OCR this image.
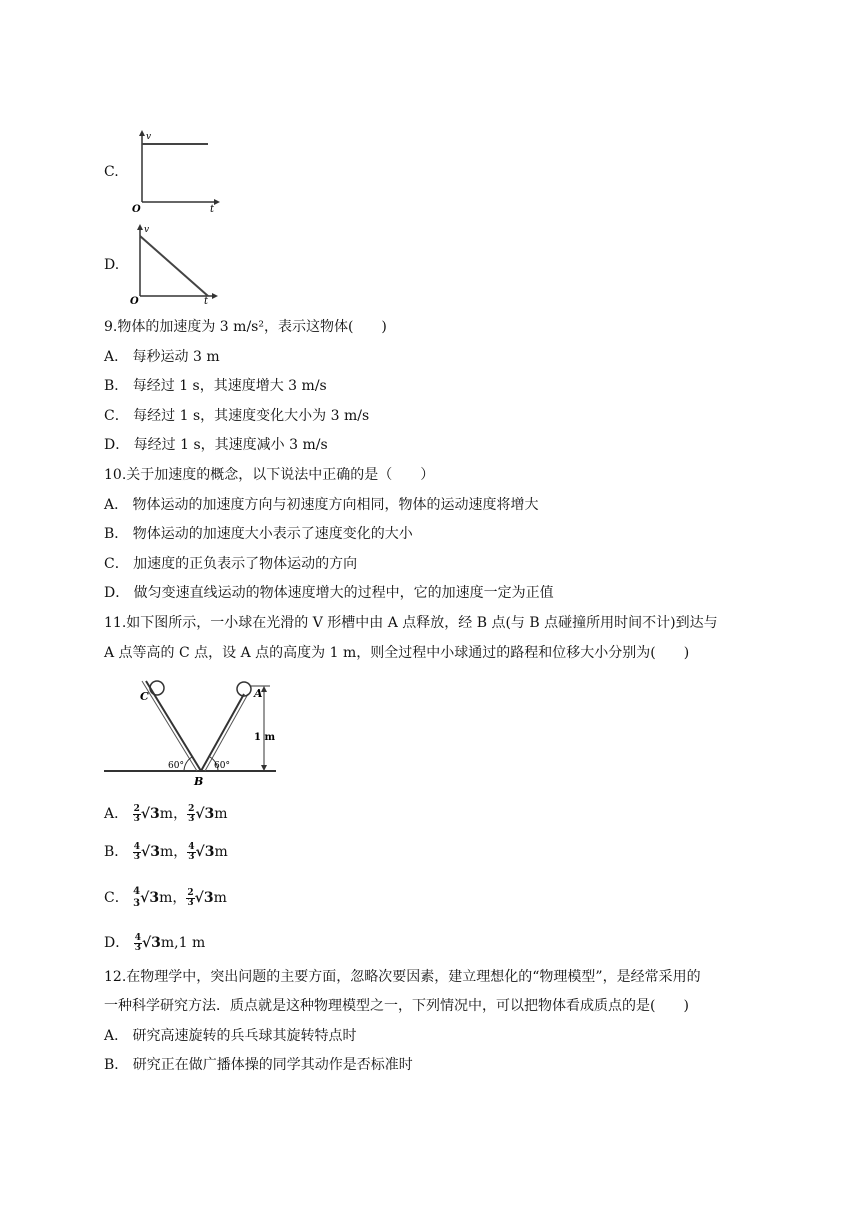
C.
v
O	t
D.
v
O	t
9.物体的加速度为 3 m/s²，表示这物体(　　)
A． 每秒运动 3 m
B． 每经过 1 s，其速度增大 3 m/s
C． 每经过 1 s，其速度变化大小为 3 m/s
D． 每经过 1 s，其速度减小 3 m/s
10.关于加速度的概念，以下说法中正确的是（　　）
A． 物体运动的加速度方向与初速度方向相同，物体的运动速度将增大
B． 物体运动的加速度大小表示了速度变化的大小
C． 加速度的正负表示了物体运动的方向
D． 做匀变速直线运动的物体速度增大的过程中，它的加速度一定为正值
11.如下图所示，一小球在光滑的 V 形槽中由 A 点释放，经 B 点(与 B 点碰撞所用时间不计)到达与
A 点等高的 C 点，设 A 点的高度为 1 m，则全过程中小球通过的路程和位移大小分别为(　　)
C	A
B
1 m
60°	60°
A． $\frac{2}{3} √3m$， $\frac{2}{3} √3m$
B． $\frac{4}{3} √3m$， $\frac{4}{3} √3m$
C． 4
3 √3m， $\frac{2}{3} √3m$
D． $\frac{4}{3} √3m,1$ m
12.在物理学中，突出问题的主要方面，忽略次要因素，建立理想化的“物理模型”，是经常采用的
一种科学研究方法．质点就是这种物理模型之一，下列情况中，可以把物体看成质点的是(　　)
A． 研究高速旋转的兵乓球其旋转特点时
B． 研究正在做广播体操的同学其动作是否标准时
